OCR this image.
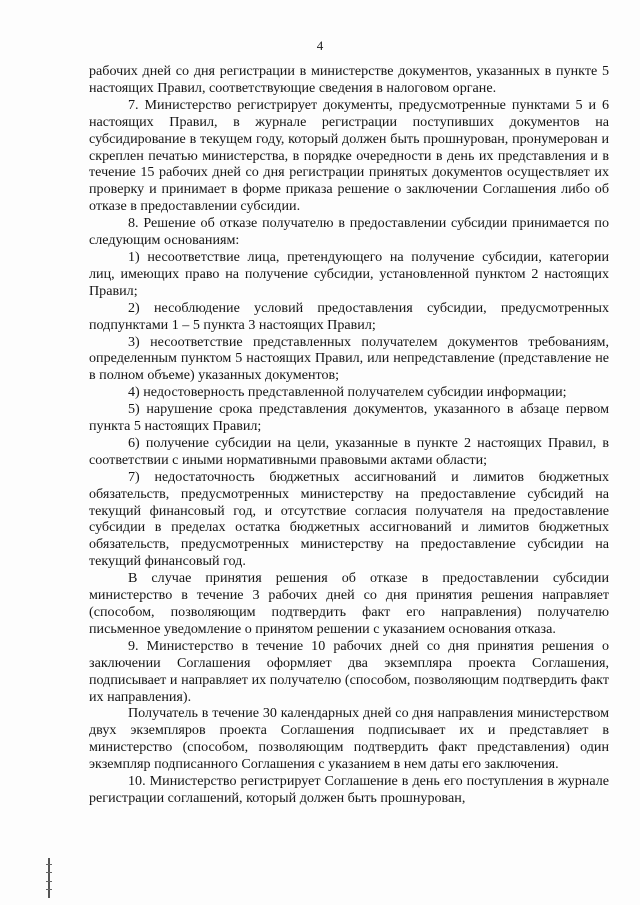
4

рабочих дней со дня регистрации в министерстве документов, указанных в пункте 5 настоящих Правил, соответствующие сведения в налоговом органе.

7. Министерство регистрирует документы, предусмотренные пунктами 5 и 6 настоящих Правил, в журнале регистрации поступивших документов на субсидирование в текущем году, который должен быть прошнурован, пронумерован и скреплен печатью министерства, в порядке очередности в день их представления и в течение 15 рабочих дней со дня регистрации принятых документов осуществляет их проверку и принимает в форме приказа решение о заключении Соглашения либо об отказе в предоставлении субсидии.

8. Решение об отказе получателю в предоставлении субсидии принимается по следующим основаниям:

1) несоответствие лица, претендующего на получение субсидии, категории лиц, имеющих право на получение субсидии, установленной пунктом 2 настоящих Правил;

2) несоблюдение условий предоставления субсидии, предусмотренных подпунктами 1 – 5 пункта 3 настоящих Правил;

3) несоответствие представленных получателем документов требованиям, определенным пунктом 5 настоящих Правил, или непредставление (представление не в полном объеме) указанных документов;

4) недостоверность представленной получателем субсидии информации;

5) нарушение срока представления документов, указанного в абзаце первом пункта 5 настоящих Правил;

6) получение субсидии на цели, указанные в пункте 2 настоящих Правил, в соответствии с иными нормативными правовыми актами области;

7) недостаточность бюджетных ассигнований и лимитов бюджетных обязательств, предусмотренных министерству на предоставление субсидий на текущий финансовый год, и отсутствие согласия получателя на предоставление субсидии в пределах остатка бюджетных ассигнований и лимитов бюджетных обязательств, предусмотренных министерству на предоставление субсидии на текущий финансовый год.

В случае принятия решения об отказе в предоставлении субсидии министерство в течение 3 рабочих дней со дня принятия решения направляет (способом, позволяющим подтвердить факт его направления) получателю письменное уведомление о принятом решении с указанием основания отказа.

9. Министерство в течение 10 рабочих дней со дня принятия решения о заключении Соглашения оформляет два экземпляра проекта Соглашения, подписывает и направляет их получателю (способом, позволяющим подтвердить факт их направления).

Получатель в течение 30 календарных дней со дня направления министерством двух экземпляров проекта Соглашения подписывает их и представляет в министерство (способом, позволяющим подтвердить факт представления) один экземпляр подписанного Соглашения с указанием в нем даты его заключения.

10. Министерство регистрирует Соглашение в день его поступления в журнале регистрации соглашений, который должен быть прошнурован,
